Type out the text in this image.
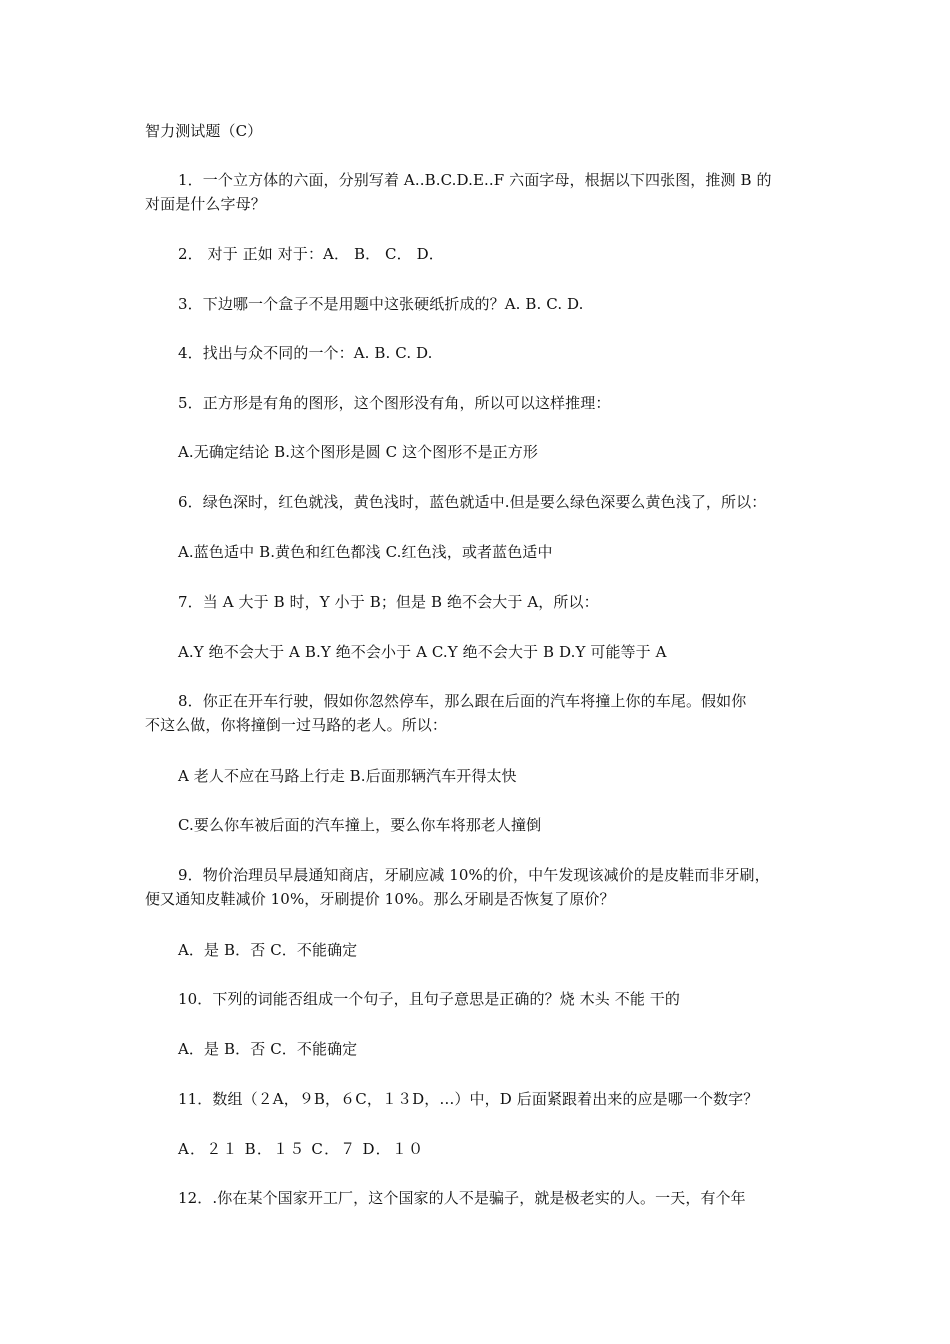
智力测试题（C）
1．一个立方体的六面，分别写着 A..B.C.D.E..F 六面字母，根据以下四张图，推测 B 的
对面是什么字母？
2． 对于 正如 对于：A． B． C． D．
3．下边哪一个盒子不是用题中这张硬纸折成的？A. B. C. D.
4．找出与众不同的一个：A. B. C. D.
5．正方形是有角的图形，这个图形没有角，所以可以这样推理：
A.无确定结论 B.这个图形是圆 C 这个图形不是正方形
6．绿色深时，红色就浅，黄色浅时，蓝色就适中.但是要么绿色深要么黄色浅了，所以：
A.蓝色适中 B.黄色和红色都浅 C.红色浅，或者蓝色适中
7．当 A 大于 B 时，Y 小于 B；但是 B 绝不会大于 A，所以：
A.Y 绝不会大于 A B.Y 绝不会小于 A C.Y 绝不会大于 B D.Y 可能等于 A
8．你正在开车行驶，假如你忽然停车，那么跟在后面的汽车将撞上你的车尾。假如你
不这么做，你将撞倒一过马路的老人。所以：
A 老人不应在马路上行走 B.后面那辆汽车开得太快
C.要么你车被后面的汽车撞上，要么你车将那老人撞倒
9．物价治理员早晨通知商店，牙刷应减 10%的价，中午发现该减价的是皮鞋而非牙刷，
便又通知皮鞋减价 10%，牙刷提价 10%。那么牙刷是否恢复了原价？
A．是 B．否 C．不能确定
10．下列的词能否组成一个句子，且句子意思是正确的？烧 木头 不能 干的
A．是 B．否 C．不能确定
11．数组（２A，９B，６C，１３D，…）中，D 后面紧跟着出来的应是哪一个数字？
A．２１ B．１５ C．７ D．１０
12．.你在某个国家开工厂，这个国家的人不是骗子，就是极老实的人。一天，有个年
